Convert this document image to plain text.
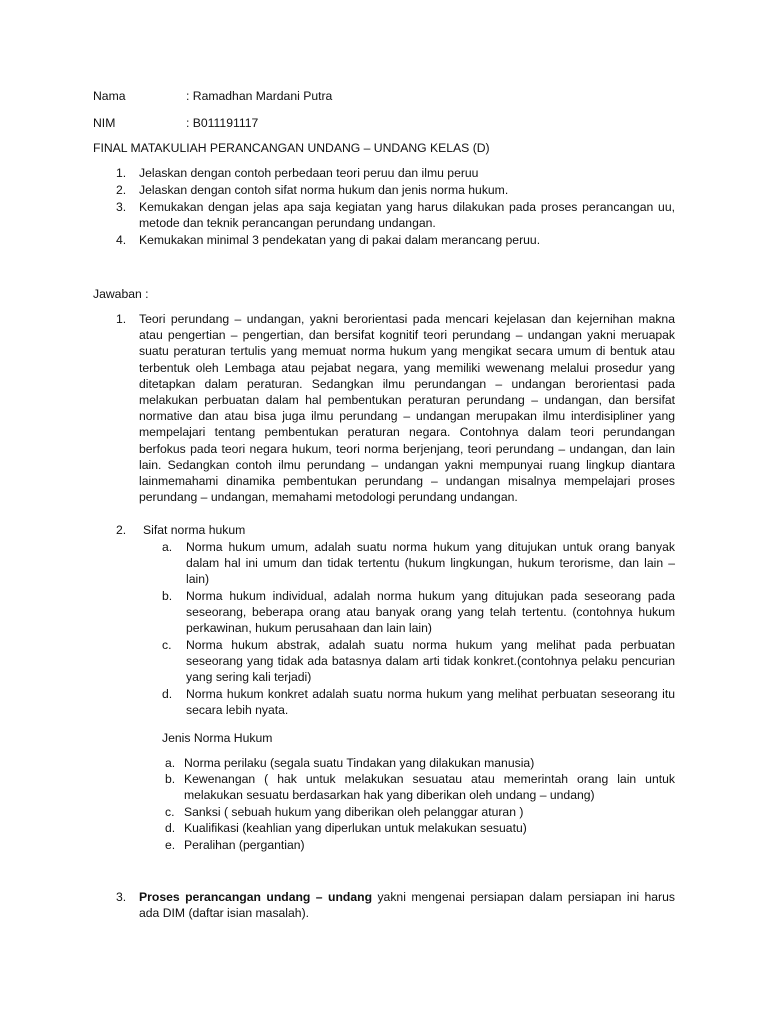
Nama	: Ramadhan Mardani Putra
NIM	: B011191117
FINAL MATAKULIAH PERANCANGAN UNDANG – UNDANG KELAS (D)
1. Jelaskan dengan contoh perbedaan teori peruu dan ilmu peruu
2. Jelaskan dengan contoh sifat norma hukum dan jenis norma hukum.
3. Kemukakan dengan jelas apa saja kegiatan yang harus dilakukan pada proses perancangan uu, metode dan teknik perancangan perundang undangan.
4. Kemukakan minimal 3 pendekatan yang di pakai dalam merancang peruu.
Jawaban :
1. Teori perundang – undangan, yakni berorientasi pada mencari kejelasan dan kejernihan makna atau pengertian – pengertian, dan bersifat kognitif teori perundang – undangan yakni meruapak suatu peraturan tertulis yang memuat norma hukum yang mengikat secara umum di bentuk atau terbentuk oleh Lembaga atau pejabat negara, yang memiliki wewenang melalui prosedur yang ditetapkan dalam peraturan. Sedangkan ilmu perundangan – undangan berorientasi pada melakukan perbuatan dalam hal pembentukan peraturan perundang – undangan, dan bersifat normative dan atau bisa juga ilmu perundang – undangan merupakan ilmu interdisipliner yang mempelajari tentang pembentukan peraturan negara. Contohnya dalam teori perundangan berfokus pada teori negara hukum, teori norma berjenjang, teori perundang – undangan, dan lain lain. Sedangkan contoh ilmu perundang – undangan yakni mempunyai ruang lingkup diantara lainmemahami dinamika pembentukan perundang – undangan misalnya mempelajari proses perundang – undangan, memahami metodologi perundang undangan.
2. Sifat norma hukum
a. Norma hukum umum, adalah suatu norma hukum yang ditujukan untuk orang banyak dalam hal ini umum dan tidak tertentu (hukum lingkungan, hukum terorisme, dan lain – lain)
b. Norma hukum individual, adalah norma hukum yang ditujukan pada seseorang pada seseorang, beberapa orang atau banyak orang yang telah tertentu. (contohnya hukum perkawinan, hukum perusahaan dan lain lain)
c. Norma hukum abstrak, adalah suatu norma hukum yang melihat pada perbuatan seseorang yang tidak ada batasnya dalam arti tidak konkret.(contohnya pelaku pencurian yang sering kali terjadi)
d. Norma hukum konkret adalah suatu norma hukum yang melihat perbuatan seseorang itu secara lebih nyata.
Jenis Norma Hukum
a. Norma perilaku (segala suatu Tindakan yang dilakukan manusia)
b. Kewenangan ( hak untuk melakukan sesuatau atau memerintah orang lain untuk melakukan sesuatu berdasarkan hak yang diberikan oleh undang – undang)
c. Sanksi ( sebuah hukum yang diberikan oleh pelanggar aturan )
d. Kualifikasi (keahlian yang diperlukan untuk melakukan sesuatu)
e. Peralihan (pergantian)
3. Proses perancangan undang – undang yakni mengenai persiapan dalam persiapan ini harus ada DIM (daftar isian masalah).
